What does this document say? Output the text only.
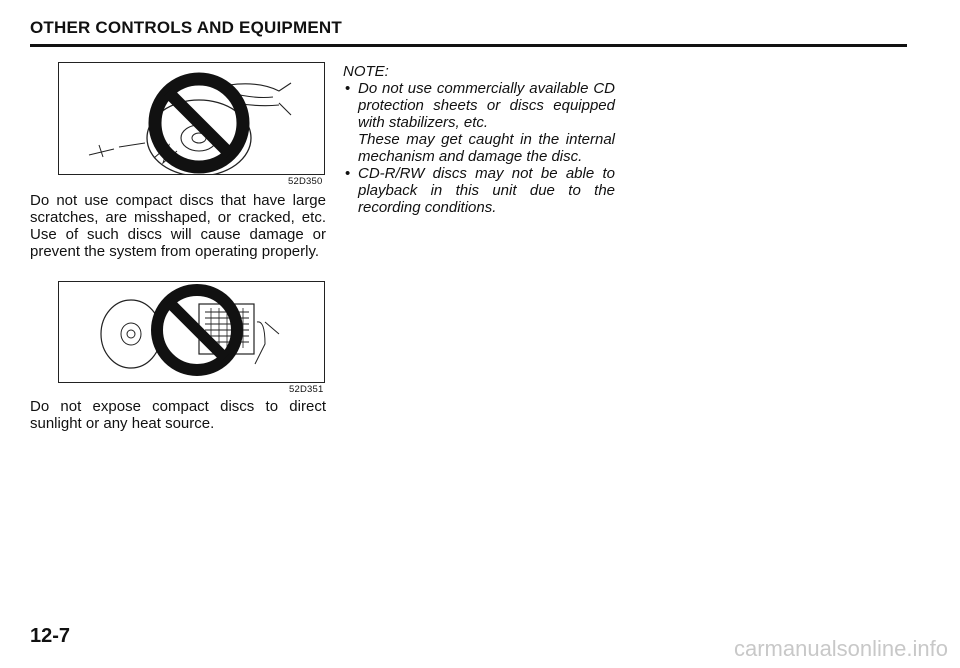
OTHER CONTROLS AND EQUIPMENT
52D350
Do not use compact discs that have large scratches, are misshaped, or cracked, etc. Use of such discs will cause damage or prevent the system from operating properly.
52D351
Do not expose compact discs to direct sunlight or any heat source.

NOTE:

• Do not use commercially available CD protection sheets or discs equipped with stabilizers, etc.

These may get caught in the internal mechanism and damage the disc.

• CD-R/RW discs may not be able to playback in this unit due to the recording conditions.

12-7	carmanualsonline.info
